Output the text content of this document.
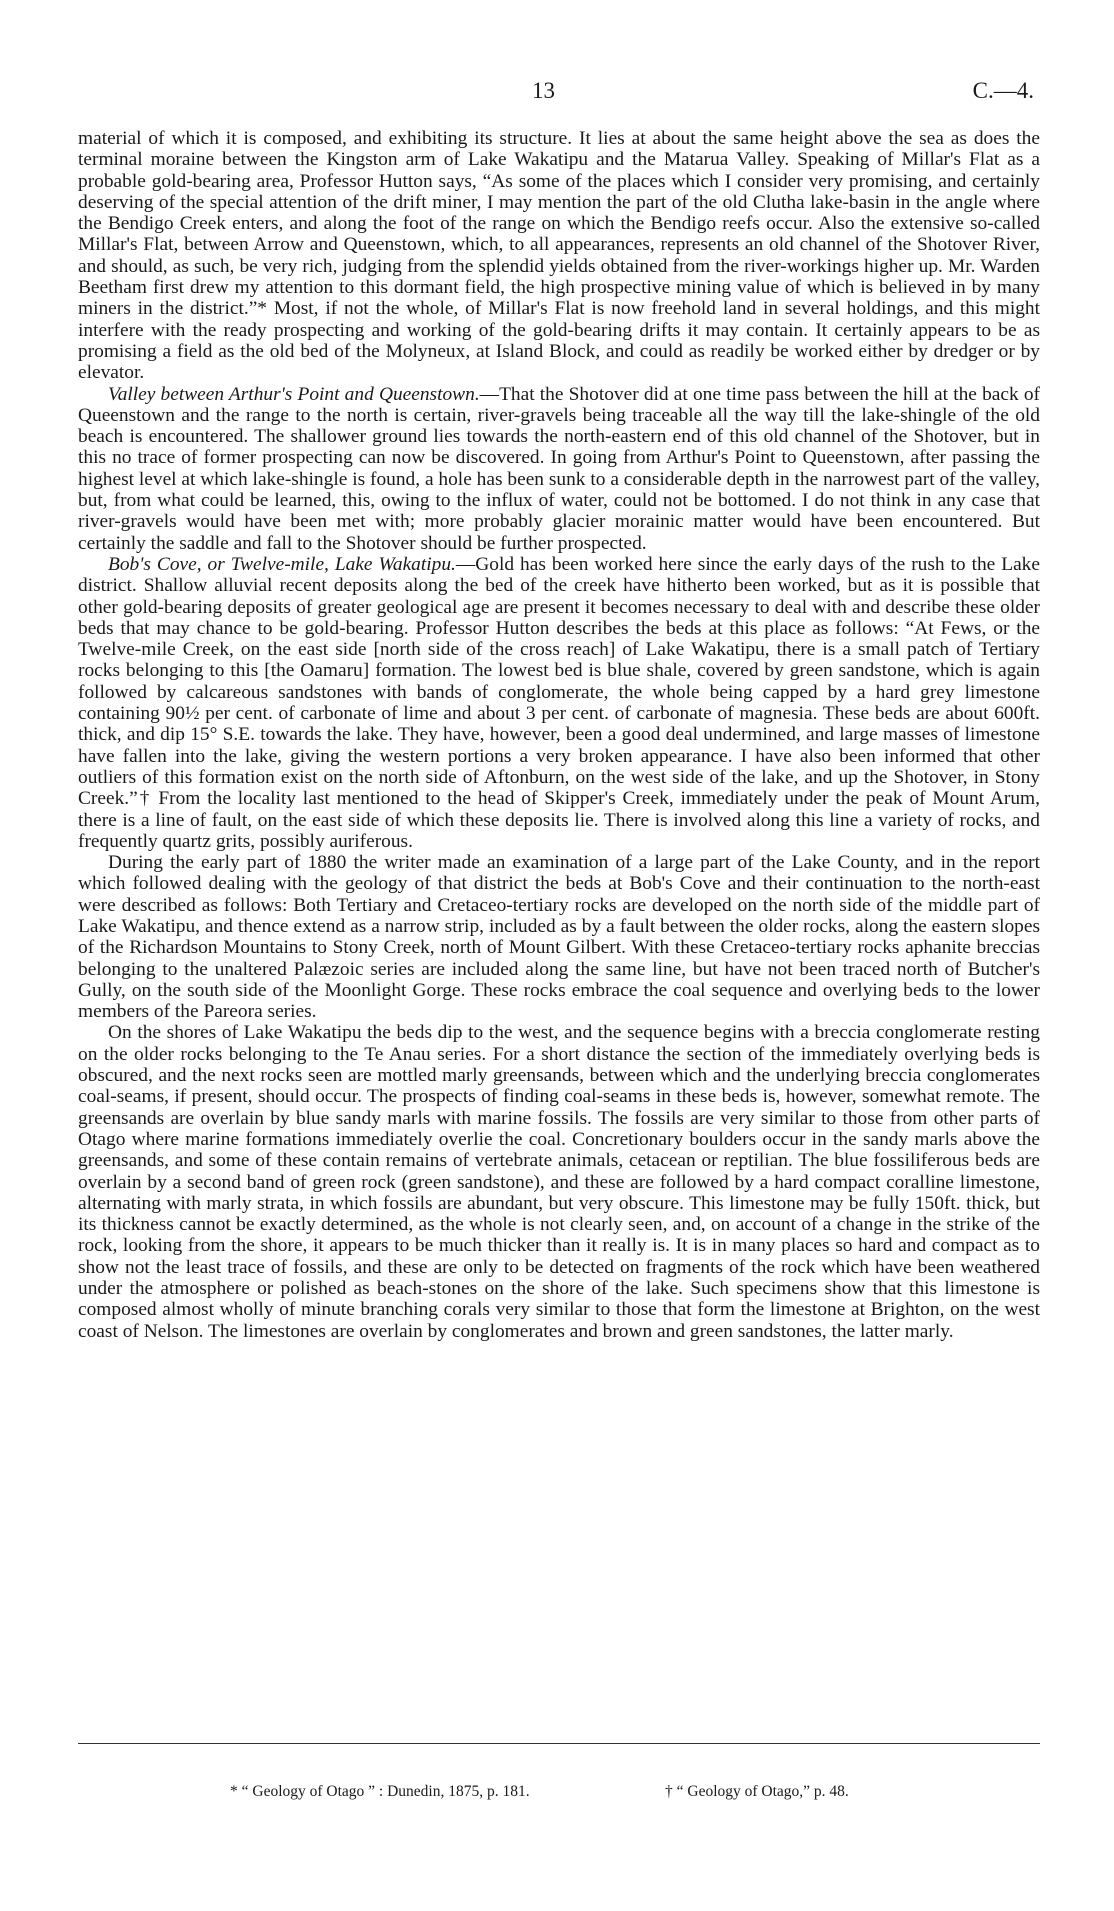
13	C.—4.

material of which it is composed, and exhibiting its structure. It lies at about the same height above the sea as does the terminal moraine between the Kingston arm of Lake Wakatipu and the Matarua Valley. Speaking of Millar's Flat as a probable gold-bearing area, Professor Hutton says, “As some of the places which I consider very promising, and certainly deserving of the special attention of the drift miner, I may mention the part of the old Clutha lake-basin in the angle where the Bendigo Creek enters, and along the foot of the range on which the Bendigo reefs occur. Also the extensive so-called Millar's Flat, between Arrow and Queenstown, which, to all appearances, represents an old channel of the Shotover River, and should, as such, be very rich, judging from the splendid yields obtained from the river-workings higher up. Mr. Warden Beetham first drew my attention to this dormant field, the high prospective mining value of which is believed in by many miners in the district.”* Most, if not the whole, of Millar's Flat is now freehold land in several holdings, and this might interfere with the ready prospecting and working of the gold-bearing drifts it may contain. It certainly appears to be as promising a field as the old bed of the Molyneux, at Island Block, and could as readily be worked either by dredger or by elevator.

Valley between Arthur's Point and Queenstown.—That the Shotover did at one time pass between the hill at the back of Queenstown and the range to the north is certain, river-gravels being traceable all the way till the lake-shingle of the old beach is encountered. The shallower ground lies towards the north-eastern end of this old channel of the Shotover, but in this no trace of former prospecting can now be discovered. In going from Arthur's Point to Queenstown, after passing the highest level at which lake-shingle is found, a hole has been sunk to a considerable depth in the narrowest part of the valley, but, from what could be learned, this, owing to the influx of water, could not be bottomed. I do not think in any case that river-gravels would have been met with; more probably glacier morainic matter would have been encountered. But certainly the saddle and fall to the Shotover should be further prospected.

Bob's Cove, or Twelve-mile, Lake Wakatipu.—Gold has been worked here since the early days of the rush to the Lake district. Shallow alluvial recent deposits along the bed of the creek have hitherto been worked, but as it is possible that other gold-bearing deposits of greater geological age are present it becomes necessary to deal with and describe these older beds that may chance to be gold-bearing. Professor Hutton describes the beds at this place as follows: “At Fews, or the Twelve-mile Creek, on the east side [north side of the cross reach] of Lake Wakatipu, there is a small patch of Tertiary rocks belonging to this [the Oamaru] formation. The lowest bed is blue shale, covered by green sandstone, which is again followed by calcareous sandstones with bands of conglomerate, the whole being capped by a hard grey limestone containing 90½ per cent. of carbonate of lime and about 3 per cent. of carbonate of magnesia. These beds are about 600ft. thick, and dip 15° S.E. towards the lake. They have, however, been a good deal undermined, and large masses of limestone have fallen into the lake, giving the western portions a very broken appearance. I have also been informed that other outliers of this formation exist on the north side of Aftonburn, on the west side of the lake, and up the Shotover, in Stony Creek.”† From the locality last mentioned to the head of Skipper's Creek, immediately under the peak of Mount Arum, there is a line of fault, on the east side of which these deposits lie. There is involved along this line a variety of rocks, and frequently quartz grits, possibly auriferous.

During the early part of 1880 the writer made an examination of a large part of the Lake County, and in the report which followed dealing with the geology of that district the beds at Bob's Cove and their continuation to the north-east were described as follows: Both Tertiary and Cretaceo-tertiary rocks are developed on the north side of the middle part of Lake Wakatipu, and thence extend as a narrow strip, included as by a fault between the older rocks, along the eastern slopes of the Richardson Mountains to Stony Creek, north of Mount Gilbert. With these Cretaceo-tertiary rocks aphanite breccias belonging to the unaltered Palæzoic series are included along the same line, but have not been traced north of Butcher's Gully, on the south side of the Moonlight Gorge. These rocks embrace the coal sequence and overlying beds to the lower members of the Pareora series.

On the shores of Lake Wakatipu the beds dip to the west, and the sequence begins with a breccia conglomerate resting on the older rocks belonging to the Te Anau series. For a short distance the section of the immediately overlying beds is obscured, and the next rocks seen are mottled marly greensands, between which and the underlying breccia conglomerates coal-seams, if present, should occur. The prospects of finding coal-seams in these beds is, however, somewhat remote. The greensands are overlain by blue sandy marls with marine fossils. The fossils are very similar to those from other parts of Otago where marine formations immediately overlie the coal. Concretionary boulders occur in the sandy marls above the greensands, and some of these contain remains of vertebrate animals, cetacean or reptilian. The blue fossiliferous beds are overlain by a second band of green rock (green sandstone), and these are followed by a hard compact coralline limestone, alternating with marly strata, in which fossils are abundant, but very obscure. This limestone may be fully 150ft. thick, but its thickness cannot be exactly determined, as the whole is not clearly seen, and, on account of a change in the strike of the rock, looking from the shore, it appears to be much thicker than it really is. It is in many places so hard and compact as to show not the least trace of fossils, and these are only to be detected on fragments of the rock which have been weathered under the atmosphere or polished as beach-stones on the shore of the lake. Such specimens show that this limestone is composed almost wholly of minute branching corals very similar to those that form the limestone at Brighton, on the west coast of Nelson. The limestones are overlain by conglomerates and brown and green sandstones, the latter marly.

* “ Geology of Otago ” : Dunedin, 1875, p. 181.	† “ Geology of Otago,” p. 48.
